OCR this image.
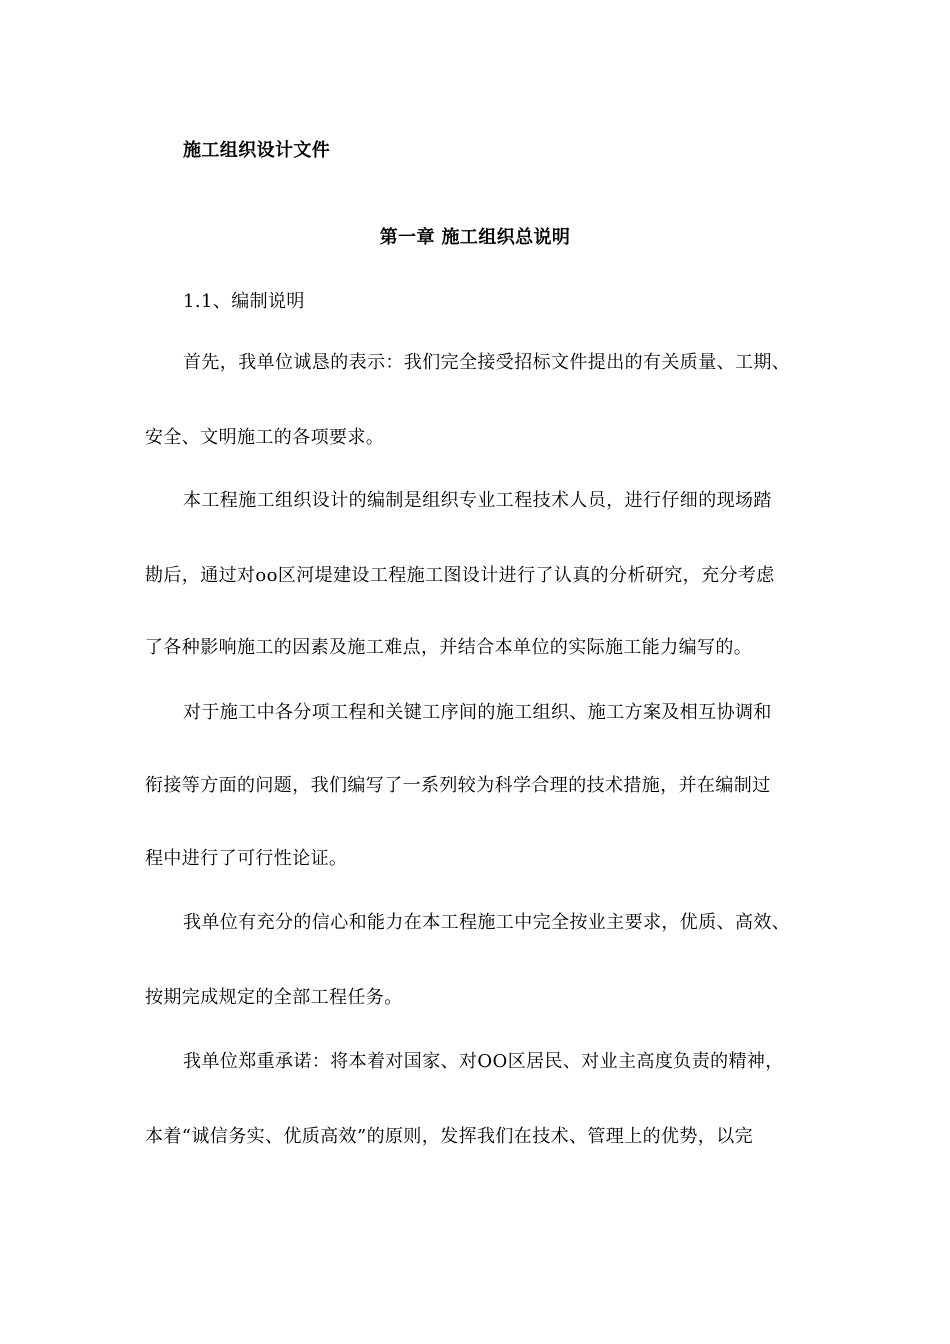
施工组织设计文件
第一章 施工组织总说明
1.1、编制说明
首先，我单位诚恳的表示：我们完全接受招标文件提出的有关质量、工期、
安全、文明施工的各项要求。
本工程施工组织设计的编制是组织专业工程技术人员，进行仔细的现场踏
勘后，通过对oo区河堤建设工程施工图设计进行了认真的分析研究，充分考虑
了各种影响施工的因素及施工难点，并结合本单位的实际施工能力编写的。
对于施工中各分项工程和关键工序间的施工组织、施工方案及相互协调和
衔接等方面的问题，我们编写了一系列较为科学合理的技术措施，并在编制过
程中进行了可行性论证。
我单位有充分的信心和能力在本工程施工中完全按业主要求，优质、高效、
按期完成规定的全部工程任务。
我单位郑重承诺：将本着对国家、对OO区居民、对业主高度负责的精神，
本着“诚信务实、优质高效”的原则，发挥我们在技术、管理上的优势，以完
